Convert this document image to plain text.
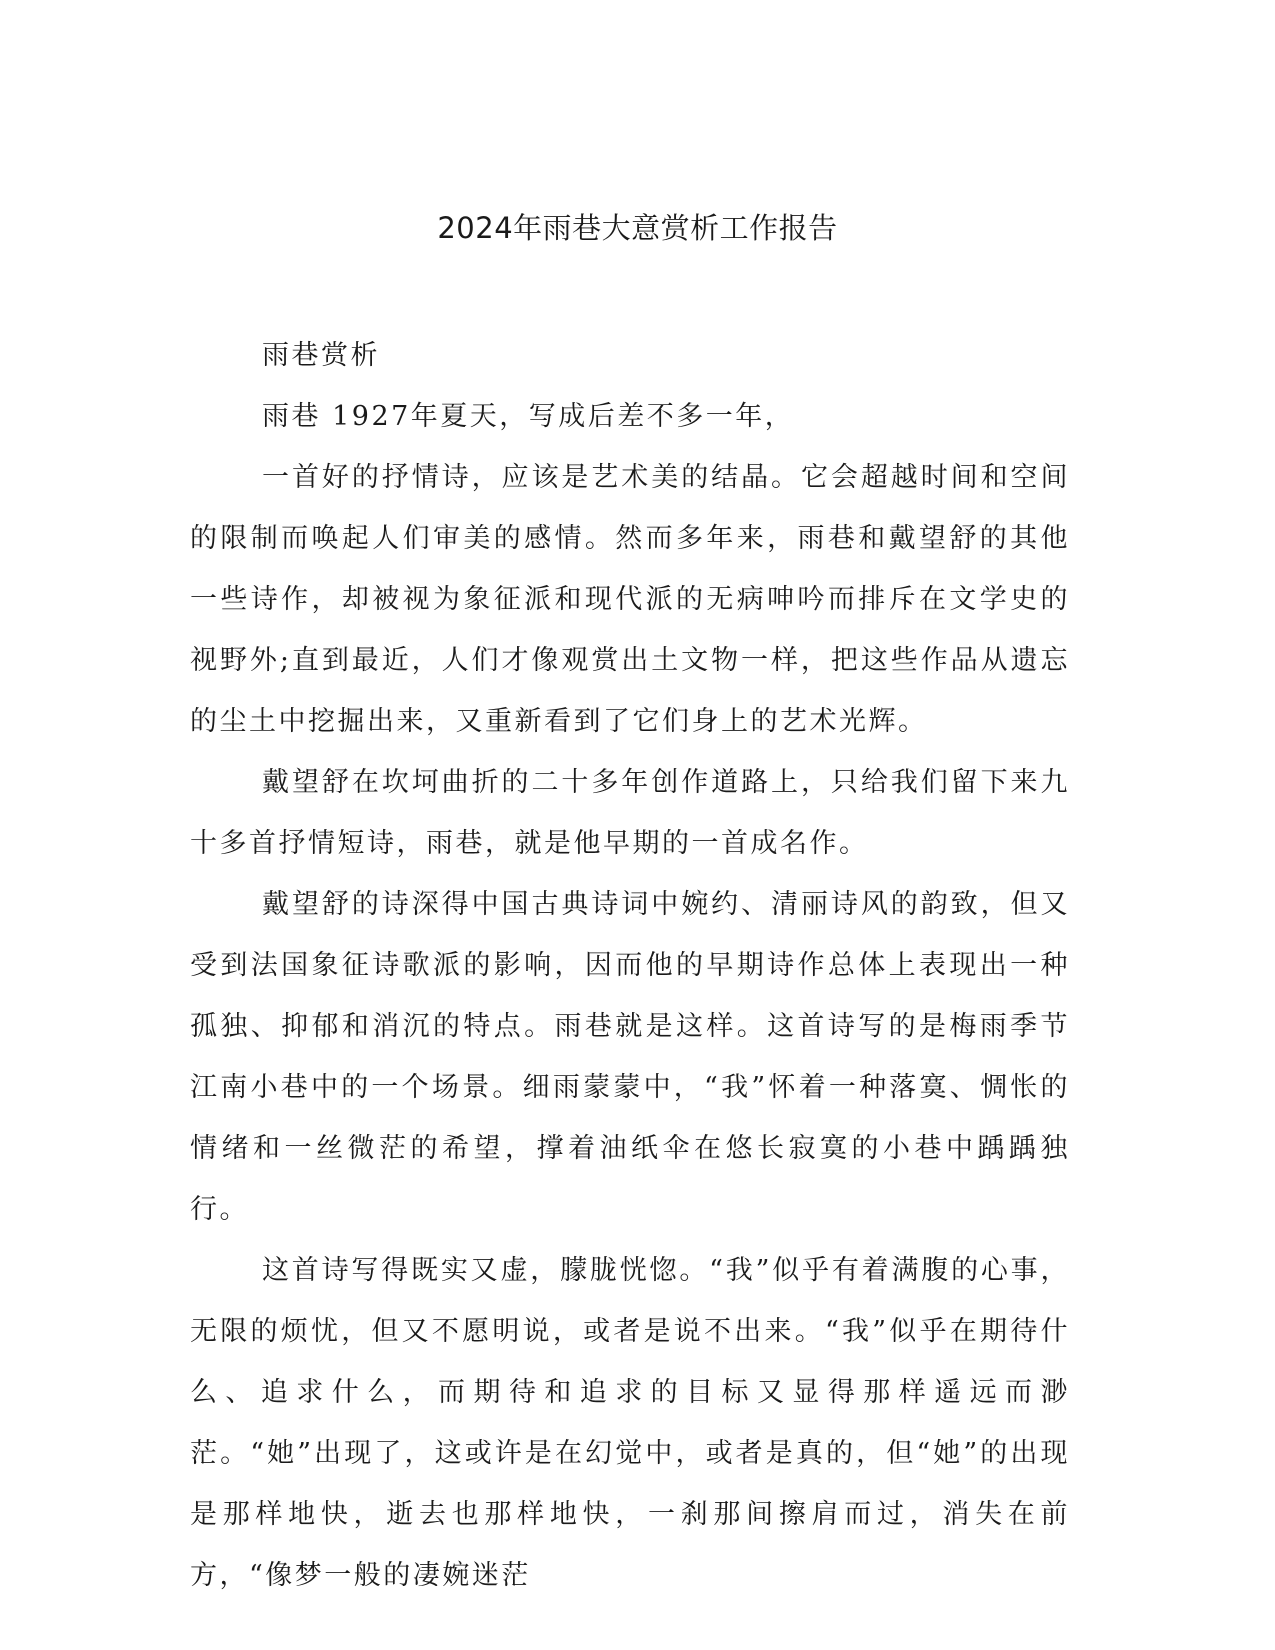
2024年雨巷大意赏析工作报告

雨巷赏析

雨巷 1927年夏天，写成后差不多一年，

一首好的抒情诗，应该是艺术美的结晶。它会超越时间和空间的限制而唤起人们审美的感情。然而多年来，雨巷和戴望舒的其他一些诗作，却被视为象征派和现代派的无病呻吟而排斥在文学史的视野外;直到最近，人们才像观赏出土文物一样，把这些作品从遗忘的尘土中挖掘出来，又重新看到了它们身上的艺术光辉。

戴望舒在坎坷曲折的二十多年创作道路上，只给我们留下来九十多首抒情短诗，雨巷，就是他早期的一首成名作。

戴望舒的诗深得中国古典诗词中婉约、清丽诗风的韵致，但又受到法国象征诗歌派的影响，因而他的早期诗作总体上表现出一种孤独、抑郁和消沉的特点。雨巷就是这样。这首诗写的是梅雨季节江南小巷中的一个场景。细雨蒙蒙中，“我”怀着一种落寞、惆怅的情绪和一丝微茫的希望，撑着油纸伞在悠长寂寞的小巷中踽踽独行。

这首诗写得既实又虚，朦胧恍惚。“我”似乎有着满腹的心事，无限的烦忧，但又不愿明说，或者是说不出来。“我”似乎在期待什么、追求什么，而期待和追求的目标又显得那样遥远而渺茫。“她”出现了，这或许是在幻觉中，或者是真的，但“她”的出现是那样地快，逝去也那样地快，一刹那间擦肩而过，消失在前方，“像梦一般的凄婉迷茫
